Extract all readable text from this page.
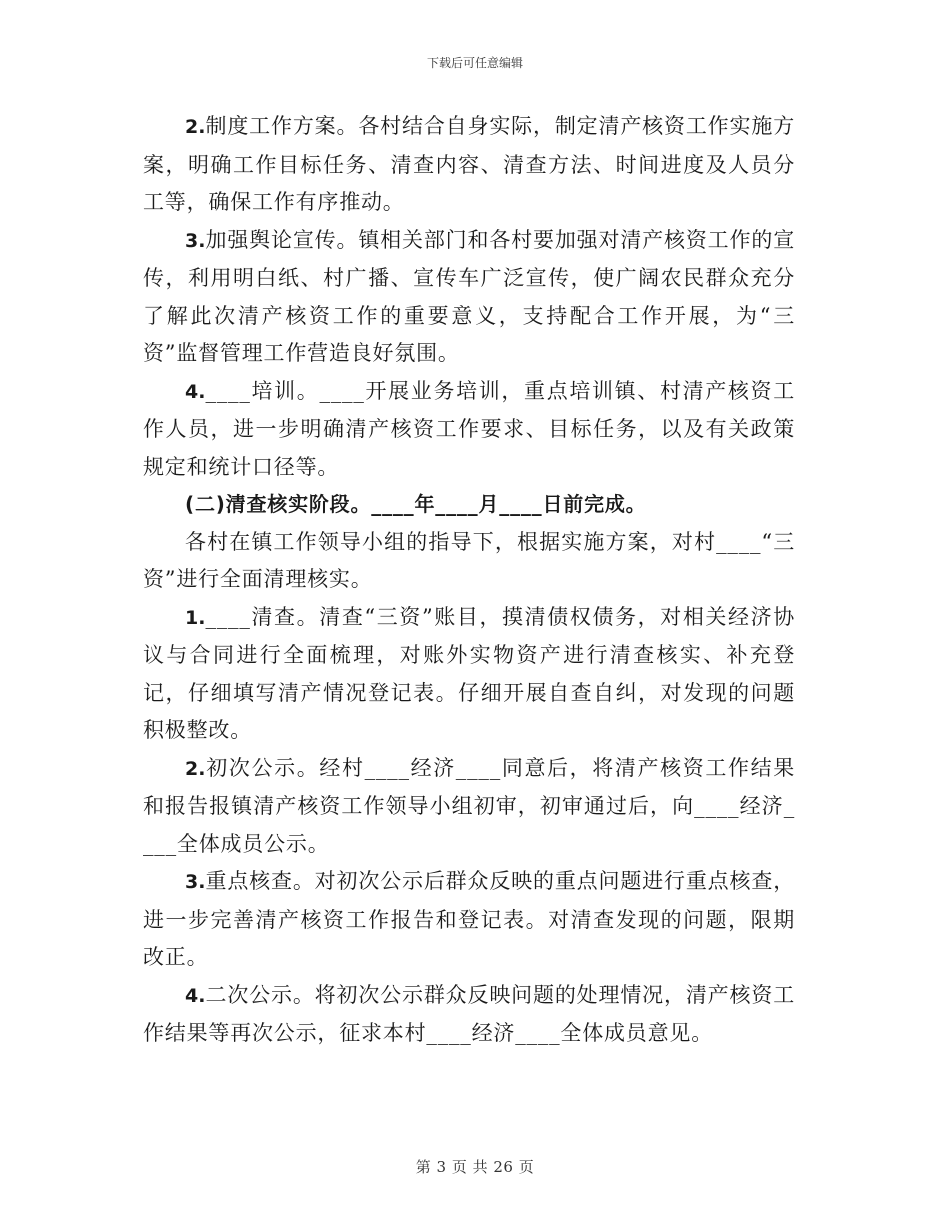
下载后可任意编辑

2.制度工作方案。各村结合自身实际，制定清产核资工作实施方案，明确工作目标任务、清查内容、清查方法、时间进度及人员分工等，确保工作有序推动。

3.加强舆论宣传。镇相关部门和各村要加强对清产核资工作的宣传，利用明白纸、村广播、宣传车广泛宣传，使广阔农民群众充分了解此次清产核资工作的重要意义，支持配合工作开展，为“三资”监督管理工作营造良好氛围。

4.____培训。____开展业务培训，重点培训镇、村清产核资工作人员，进一步明确清产核资工作要求、目标任务，以及有关政策规定和统计口径等。

(二)清查核实阶段。____年____月____日前完成。

各村在镇工作领导小组的指导下，根据实施方案，对村____“三资”进行全面清理核实。

1.____清查。清查“三资”账目，摸清债权债务，对相关经济协议与合同进行全面梳理，对账外实物资产进行清查核实、补充登记，仔细填写清产情况登记表。仔细开展自查自纠，对发现的问题积极整改。

2.初次公示。经村____经济____同意后，将清产核资工作结果和报告报镇清产核资工作领导小组初审，初审通过后，向____经济____全体成员公示。

3.重点核查。对初次公示后群众反映的重点问题进行重点核查，进一步完善清产核资工作报告和登记表。对清查发现的问题，限期改正。

4.二次公示。将初次公示群众反映问题的处理情况，清产核资工作结果等再次公示，征求本村____经济____全体成员意见。

第 3 页 共 26 页
